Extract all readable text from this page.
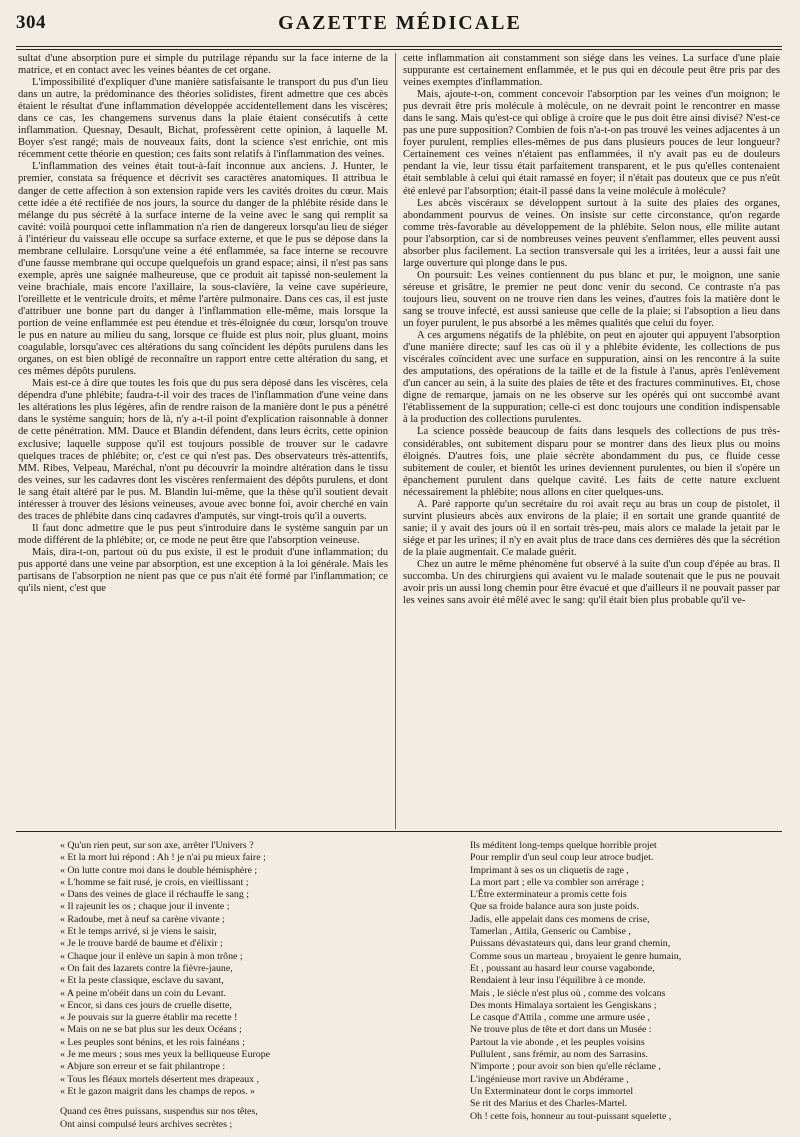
304	GAZETTE MÉDICALE

sultat d'une absorption pure et simple du putrilage répandu sur la face interne de la matrice, et en contact avec les veines béantes de cet organe.

L'impossibilité d'expliquer d'une manière satisfaisante le transport du pus d'un lieu dans un autre, la prédominance des théories solidistes, firent admettre que ces abcès étaient le résultat d'une inflammation développée accidentellement dans les viscères; dans ce cas, les changemens survenus dans la plaie étaient consécutifs à cette inflammation. Quesnay, Desault, Bichat, professèrent cette opinion, à laquelle M. Boyer s'est rangé; mais de nouveaux faits, dont la science s'est enrichie, ont mis récemment cette théorie en question; ces faits sont relatifs à l'inflammation des veines.

L'inflammation des veines était tout-à-fait inconnue aux anciens. J. Hunter, le premier, constata sa fréquence et décrivit ses caractères anatomiques. Il attribua le danger de cette affection à son extension rapide vers les cavités droites du cœur. Mais cette idée a été rectifiée de nos jours, la source du danger de la phlébite réside dans le mélange du pus sécrété à la surface interne de la veine avec le sang qui remplit sa cavité: voilà pourquoi cette inflammation n'a rien de dangereux lorsqu'au lieu de siéger à l'intérieur du vaisseau elle occupe sa surface externe, et que le pus se dépose dans la membrane cellulaire. Lorsqu'une veine a été enflammée, sa face interne se recouvre d'une fausse membrane qui occupe quelquefois un grand espace; ainsi, il n'est pas sans exemple, après une saignée malheureuse, que ce produit ait tapissé non-seulement la veine brachiale, mais encore l'axillaire, la sous-clavière, la veine cave supérieure, l'oreillette et le ventricule droits, et même l'artère pulmonaire. Dans ces cas, il est juste d'attribuer une bonne part du danger à l'inflammation elle-même, mais lorsque la portion de veine enflammée est peu étendue et très-éloignée du cœur, lorsqu'on trouve le pus en nature au milieu du sang, lorsque ce fluide est plus noir, plus gluant, moins coagulable, lorsqu'avec ces altérations du sang coïncident les dépôts purulens dans les organes, on est bien obligé de reconnaître un rapport entre cette altération du sang, et ces mêmes dépôts purulens.

Mais est-ce à dire que toutes les fois que du pus sera déposé dans les viscères, cela dépendra d'une phlébite; faudra-t-il voir des traces de l'inflammation d'une veine dans les altérations les plus légères, afin de rendre raison de la manière dont le pus a pénétré dans le système sanguin; hors de là, n'y a-t-il point d'explication raisonnable à donner de cette pénétration. MM. Dauce et Blandin défendent, dans leurs écrits, cette opinion exclusive; laquelle suppose qu'il est toujours possible de trouver sur le cadavre quelques traces de phlébite; or, c'est ce qui n'est pas. Des observateurs très-attentifs, MM. Ribes, Velpeau, Maréchal, n'ont pu découvrir la moindre altération dans le tissu des veines, sur les cadavres dont les viscères renfermaient des dépôts purulens, et dont le sang était altéré par le pus. M. Blandin lui-même, que la thèse qu'il soutient devait intéresser à trouver des lésions veineuses, avoue avec bonne foi, avoir cherché en vain des traces de phlébite dans cinq cadavres d'amputés, sur vingt-trois qu'il a ouverts.

Il faut donc admettre que le pus peut s'introduire dans le système sanguin par un mode différent de la phlébite; or, ce mode ne peut être que l'absorption veineuse.

Mais, dira-t-on, partout où du pus existe, il est le produit d'une inflammation; du pus apporté dans une veine par absorption, est une exception à la loi générale. Mais les partisans de l'absorption ne nient pas que ce pus n'ait été formé par l'inflammation; ce qu'ils nient, c'est que

cette inflammation ait constamment son siége dans les veines. La surface d'une plaie suppurante est certainement enflammée, et le pus qui en découle peut être pris par des veines exemptes d'inflammation.

Mais, ajoute-t-on, comment concevoir l'absorption par les veines d'un moignon; le pus devrait être pris molécule à molécule, on ne devrait point le rencontrer en masse dans le sang. Mais qu'est-ce qui oblige à croire que le pus doit être ainsi divisé? N'est-ce pas une pure supposition? Combien de fois n'a-t-on pas trouvé les veines adjacentes à un foyer purulent, remplies elles-mêmes de pus dans plusieurs pouces de leur longueur? Certainement ces veines n'étaient pas enflammées, il n'y avait pas eu de douleurs pendant la vie, leur tissu était parfaitement transparent, et le pus qu'elles contenaient était semblable à celui qui était ramassé en foyer; il n'était pas douteux que ce pus n'eût été enlevé par l'absorption; était-il passé dans la veine molécule à molécule?

Les abcès viscéraux se développent surtout à la suite des plaies des organes, abondamment pourvus de veines. On insiste sur cette circonstance, qu'on regarde comme très-favorable au développement de la phlébite. Selon nous, elle milite autant pour l'absorption, car si de nombreuses veines peuvent s'enflammer, elles peuvent aussi absorber plus facilement. La section transversale qui les a irritées, leur a aussi fait une large ouverture qui plonge dans le pus.

On poursuit: Les veines contiennent du pus blanc et pur, le moignon, une sanie séreuse et grisâtre, le premier ne peut donc venir du second. Ce contraste n'a pas toujours lieu, souvent on ne trouve rien dans les veines, d'autres fois la matière dont le sang se trouve infecté, est aussi sanieuse que celle de la plaie; si l'absoption a lieu dans un foyer purulent, le pus absorbé a les mêmes qualités que celui du foyer.

A ces argumens négatifs de la phlébite, on peut en ajouter qui appuyent l'absorption d'une manière directe; sauf les cas où il y a phlébite évidente, les collections de pus viscérales coïncident avec une surface en suppuration, ainsi on les rencontre à la suite des amputations, des opérations de la taille et de la fistule à l'anus, après l'enlèvement d'un cancer au sein, à la suite des plaies de tête et des fractures comminutives. Et, chose digne de remarque, jamais on ne les observe sur les opérés qui ont succombé avant l'établissement de la suppuration; celle-ci est donc toujours une condition indispensable à la production des collections purulentes.

La science possède beaucoup de faits dans lesquels des collections de pus très-considérables, ont subitement disparu pour se montrer dans des lieux plus ou moins éloignés. D'autres fois, une plaie sécrète abondamment du pus, ce fluide cesse subitement de couler, et bientôt les urines deviennent purulentes, ou bien il s'opère un épanchement purulent dans quelque cavité. Les faits de cette nature excluent nécessairement la phlébite; nous allons en citer quelques-uns.

A. Paré rapporte qu'un secrétaire du roi avait reçu au bras un coup de pistolet, il survint plusieurs abcès aux environs de la plaie; il en sortait une grande quantité de sanie; il y avait des jours où il en sortait très-peu, mais alors ce malade la jetait par le siége et par les urines; il n'y en avait plus de trace dans ces dernières dès que la sécrétion de la plaie augmentait. Ce malade guérit.

Chez un autre le même phénomène fut observé à la suite d'un coup d'épée au bras. Il succomba. Un des chirurgiens qui avaient vu le malade soutenait que le pus ne pouvait avoir pris un aussi long chemin pour être évacué et que d'ailleurs il ne pouvait passer par les veines sans avoir été mêlé avec le sang: qu'il était bien plus probable qu'il ve-

« Qu'un rien peut, sur son axe, arrêter l'Univers ?
« Et la mort lui répond : Ah ! je n'ai pu mieux faire ;
« On lutte contre moi dans le double hémisphère ;
« L'homme se fait rusé, je crois, en vieillissant ;
« Dans des veines de glace il réchauffe le sang ;
« Il rajeunit les os ; chaque jour il invente ;
« Radoube, met à neuf sa carène vivante ;
« Et le temps arrivé, si je viens le saisir,
« Je le trouve bardé de baume et d'élixir ;
« Chaque jour il enlève un sapin à mon trône ;
« On fait des lazarets contre la fièvre-jaune,
« Et la peste classique, esclave du savant,
« A peine m'obéit dans un coin du Levant.
« Encor, si dans ces jours de cruelle disette,
« Je pouvais sur la guerre établir ma recette !
« Mais on ne se bat plus sur les deux Océans ;
« Les peuples sont bénins, et les rois fainéans ;
« Je me meurs ; sous mes yeux la belliqueuse Europe
« Abjure son erreur et se fait philantrope :
« Tous les fléaux mortels désertent mes drapeaux ,
« Et le gazon maigrit dans les champs de repos. »
Quand ces êtres puissans, suspendus sur nos têtes,
Ont ainsi compulsé leurs archives secrètes ;
Ils méditent long-temps quelque horrible projet
Pour remplir d'un seul coup leur atroce budjet.
Imprimant à ses os un cliquetis de rage ,
La mort part ; elle va combler son arrérage ;
L'Être exterminateur a promis cette fois
Que sa froide balance aura son juste poids.
Jadis, elle appelait dans ces momens de crise,
Tamerlan , Attila, Genseric ou Cambise ,
Puissans dévastateurs qui, dans leur grand chemin,
Comme sous un marteau , broyaient le genre humain,
Et , poussant au hasard leur course vagabonde,
Rendaient à leur insu l'équilibre à ce monde.
Mais , le siècle n'est plus où , comme des volcans
Des monts Himalaya sortaient les Gengiskans ;
Le casque d'Attila , comme une armure usée ,
Ne trouve plus de tête et dort dans un Musée :
Partout la vie abonde , et les peuples voisins
Pullulent , sans frémir, au nom des Sarrasins.
N'importe ; pour avoir son bien qu'elle réclame ,
L'ingénieuse mort ravive un Abdérame ,
Un Exterminateur dont le corps immortel
Se rit des Marius et des Charles-Martel.
Oh ! cette fois, honneur au tout-puissant squelette ,
